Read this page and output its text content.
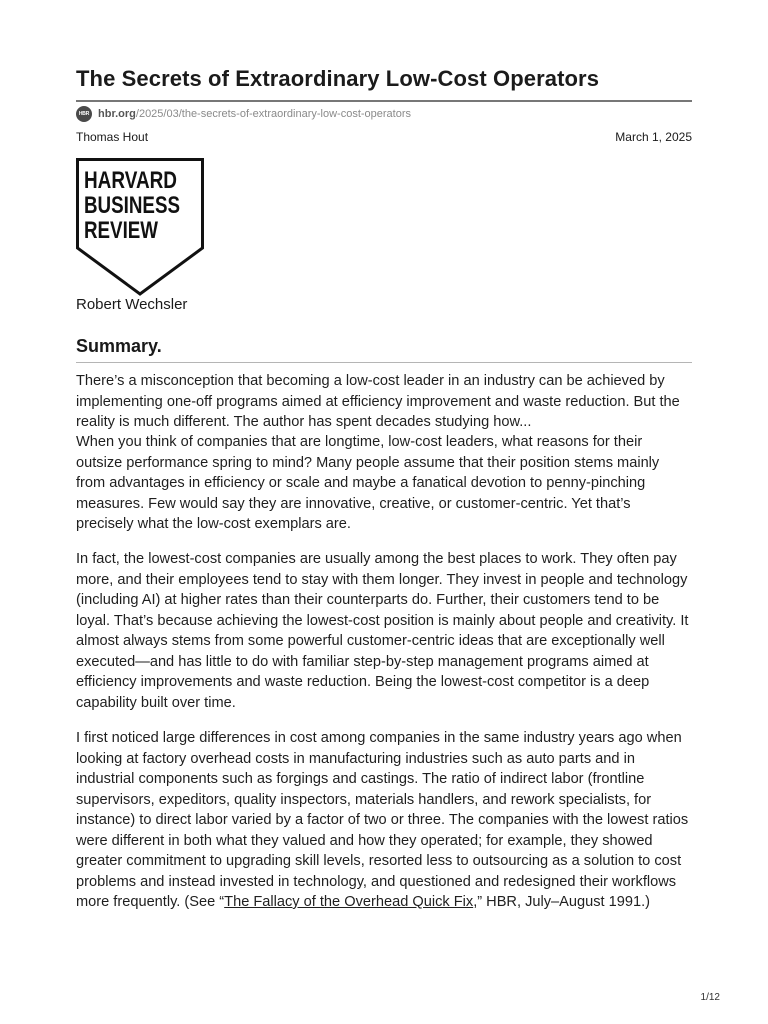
The Secrets of Extraordinary Low-Cost Operators
HBR hbr.org /2025/03/the-secrets-of-extraordinary-low-cost-operators
Thomas Hout	March 1, 2025
HARVARD
BUSINESS
REVIEW
Robert Wechsler
Summary.

There’s a misconception that becoming a low-cost leader in an industry can be achieved by implementing one-off programs aimed at efficiency improvement and waste reduction. But the reality is much different. The author has spent decades studying how...

When you think of companies that are longtime, low-cost leaders, what reasons for their outsize performance spring to mind? Many people assume that their position stems mainly from advantages in efficiency or scale and maybe a fanatical devotion to penny-pinching measures. Few would say they are innovative, creative, or customer-centric. Yet that’s precisely what the low-cost exemplars are.

In fact, the lowest-cost companies are usually among the best places to work. They often pay more, and their employees tend to stay with them longer. They invest in people and technology (including AI) at higher rates than their counterparts do. Further, their customers tend to be loyal. That’s because achieving the lowest-cost position is mainly about people and creativity. It almost always stems from some powerful customer-centric ideas that are exceptionally well executed—and has little to do with familiar step-by-step management programs aimed at efficiency improvements and waste reduction. Being the lowest-cost competitor is a deep capability built over time.

I first noticed large differences in cost among companies in the same industry years ago when looking at factory overhead costs in manufacturing industries such as auto parts and in industrial components such as forgings and castings. The ratio of indirect labor (frontline supervisors, expeditors, quality inspectors, materials handlers, and rework specialists, for instance) to direct labor varied by a factor of two or three. The companies with the lowest ratios were different in both what they valued and how they operated; for example, they showed greater commitment to upgrading skill levels, resorted less to outsourcing as a solution to cost problems and instead invested in technology, and questioned and redesigned their workflows more frequently. (See “The Fallacy of the Overhead Quick Fix,” HBR, July–August 1991.)

1/12
